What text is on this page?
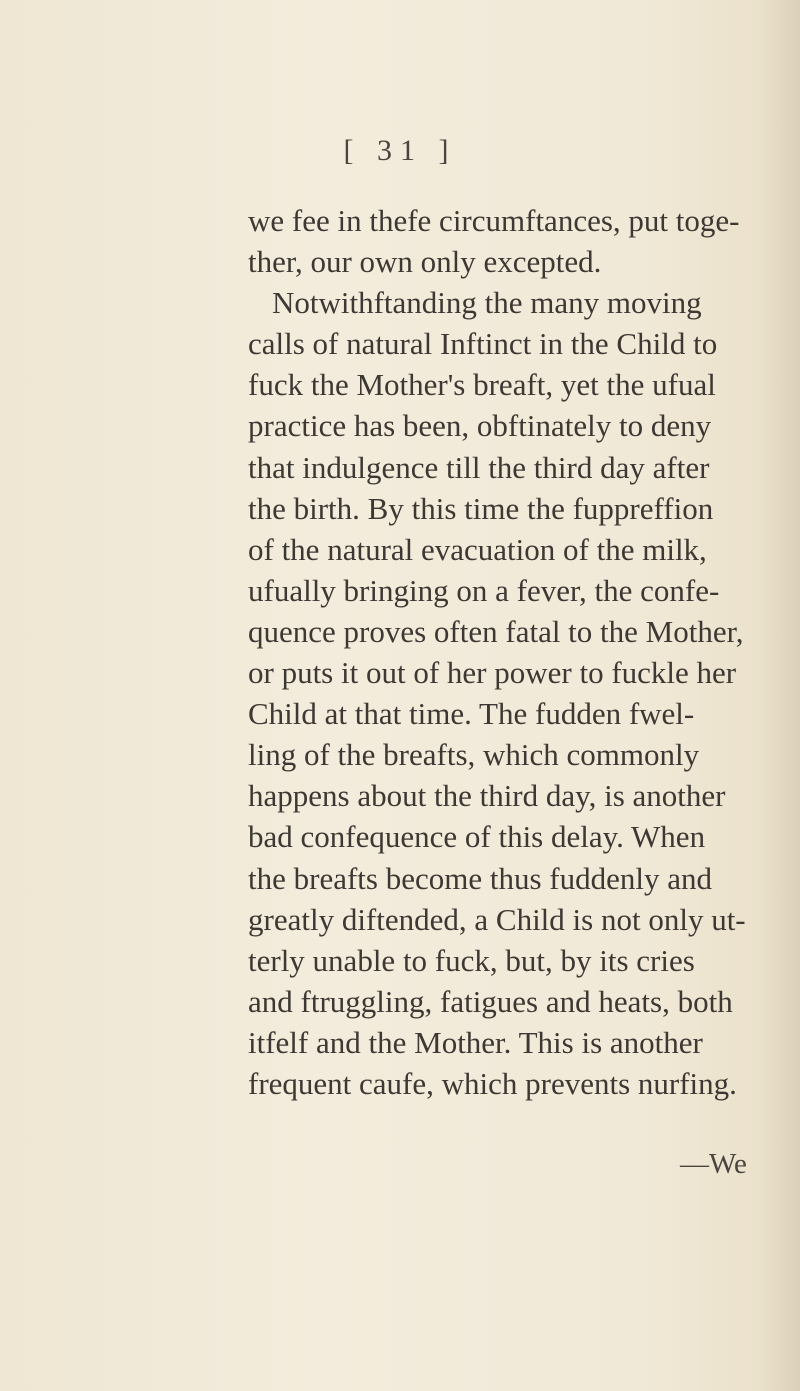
[ 31 ]
we fee in thefe circumftances, put toge-
ther, our own only excepted.
Notwithftanding the many moving
calls of natural Inftinct in the Child to
fuck the Mother's breaft, yet the ufual
practice has been, obftinately to deny
that indulgence till the third day after
the birth. By this time the fuppreffion
of the natural evacuation of the milk,
ufually bringing on a fever, the confe-
quence proves often fatal to the Mother,
or puts it out of her power to fuckle her
Child at that time. The fudden fwel-
ling of the breafts, which commonly
happens about the third day, is another
bad confequence of this delay. When
the breafts become thus fuddenly and
greatly diftended, a Child is not only ut-
terly unable to fuck, but, by its cries
and ftruggling, fatigues and heats, both
itfelf and the Mother. This is another
frequent caufe, which prevents nurfing.
—We
